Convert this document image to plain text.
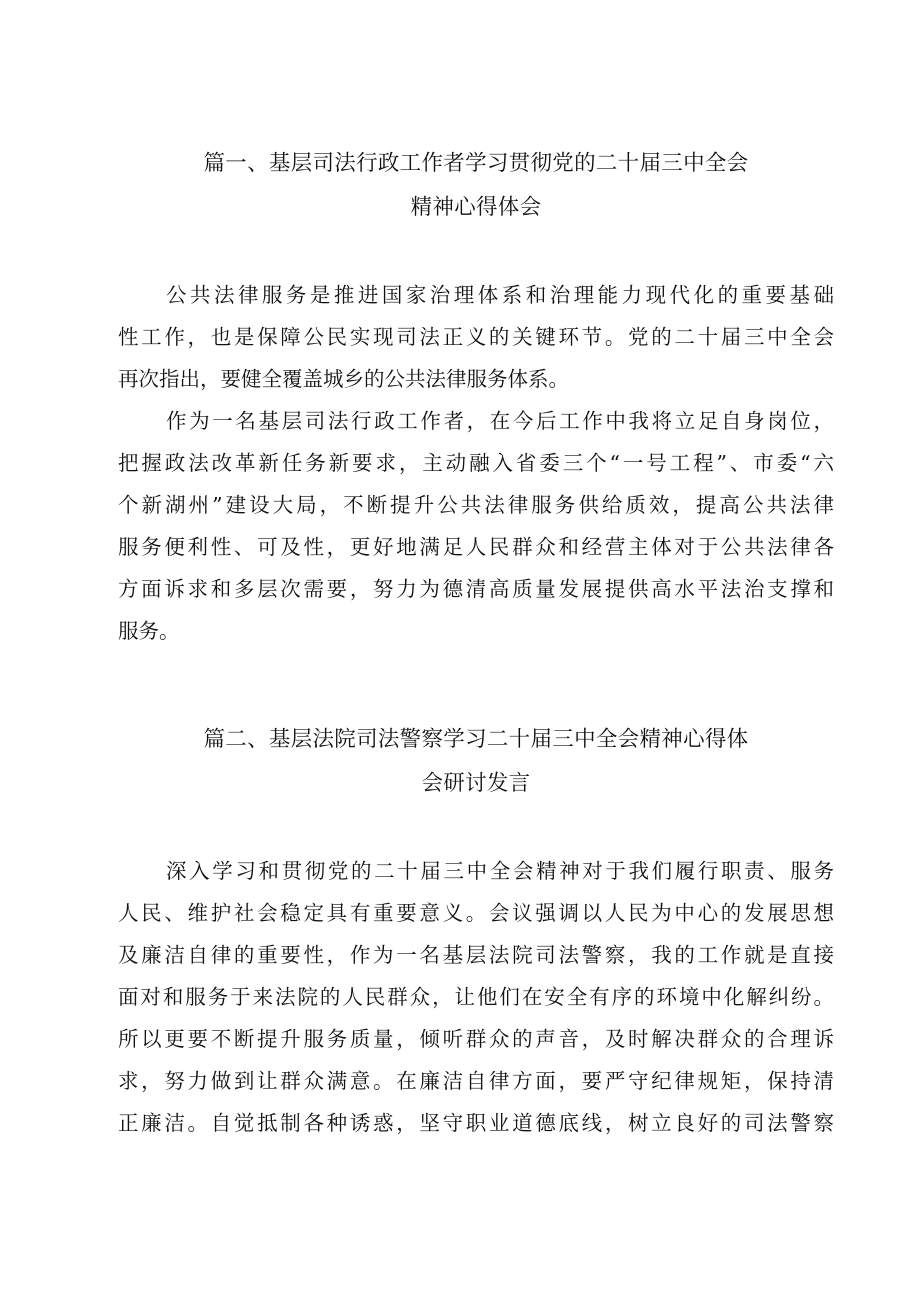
篇一、基层司法行政工作者学习贯彻党的二十届三中全会
精神心得体会

公共法律服务是推进国家治理体系和治理能力现代化的重要基础

性工作，也是保障公民实现司法正义的关键环节。党的二十届三中全会

再次指出，要健全覆盖城乡的公共法律服务体系。

作为一名基层司法行政工作者，在今后工作中我将立足自身岗位，

把握政法改革新任务新要求，主动融入省委三个“一号工程”、市委“六

个新湖州”建设大局，不断提升公共法律服务供给质效，提高公共法律

服务便利性、可及性，更好地满足人民群众和经营主体对于公共法律各

方面诉求和多层次需要，努力为德清高质量发展提供高水平法治支撑和

服务。

篇二、基层法院司法警察学习二十届三中全会精神心得体
会研讨发言

深入学习和贯彻党的二十届三中全会精神对于我们履行职责、服务

人民、维护社会稳定具有重要意义。会议强调以人民为中心的发展思想

及廉洁自律的重要性，作为一名基层法院司法警察，我的工作就是直接

面对和服务于来法院的人民群众，让他们在安全有序的环境中化解纠纷。

所以更要不断提升服务质量，倾听群众的声音，及时解决群众的合理诉

求，努力做到让群众满意。在廉洁自律方面，要严守纪律规矩，保持清

正廉洁。自觉抵制各种诱惑，坚守职业道德底线，树立良好的司法警察
